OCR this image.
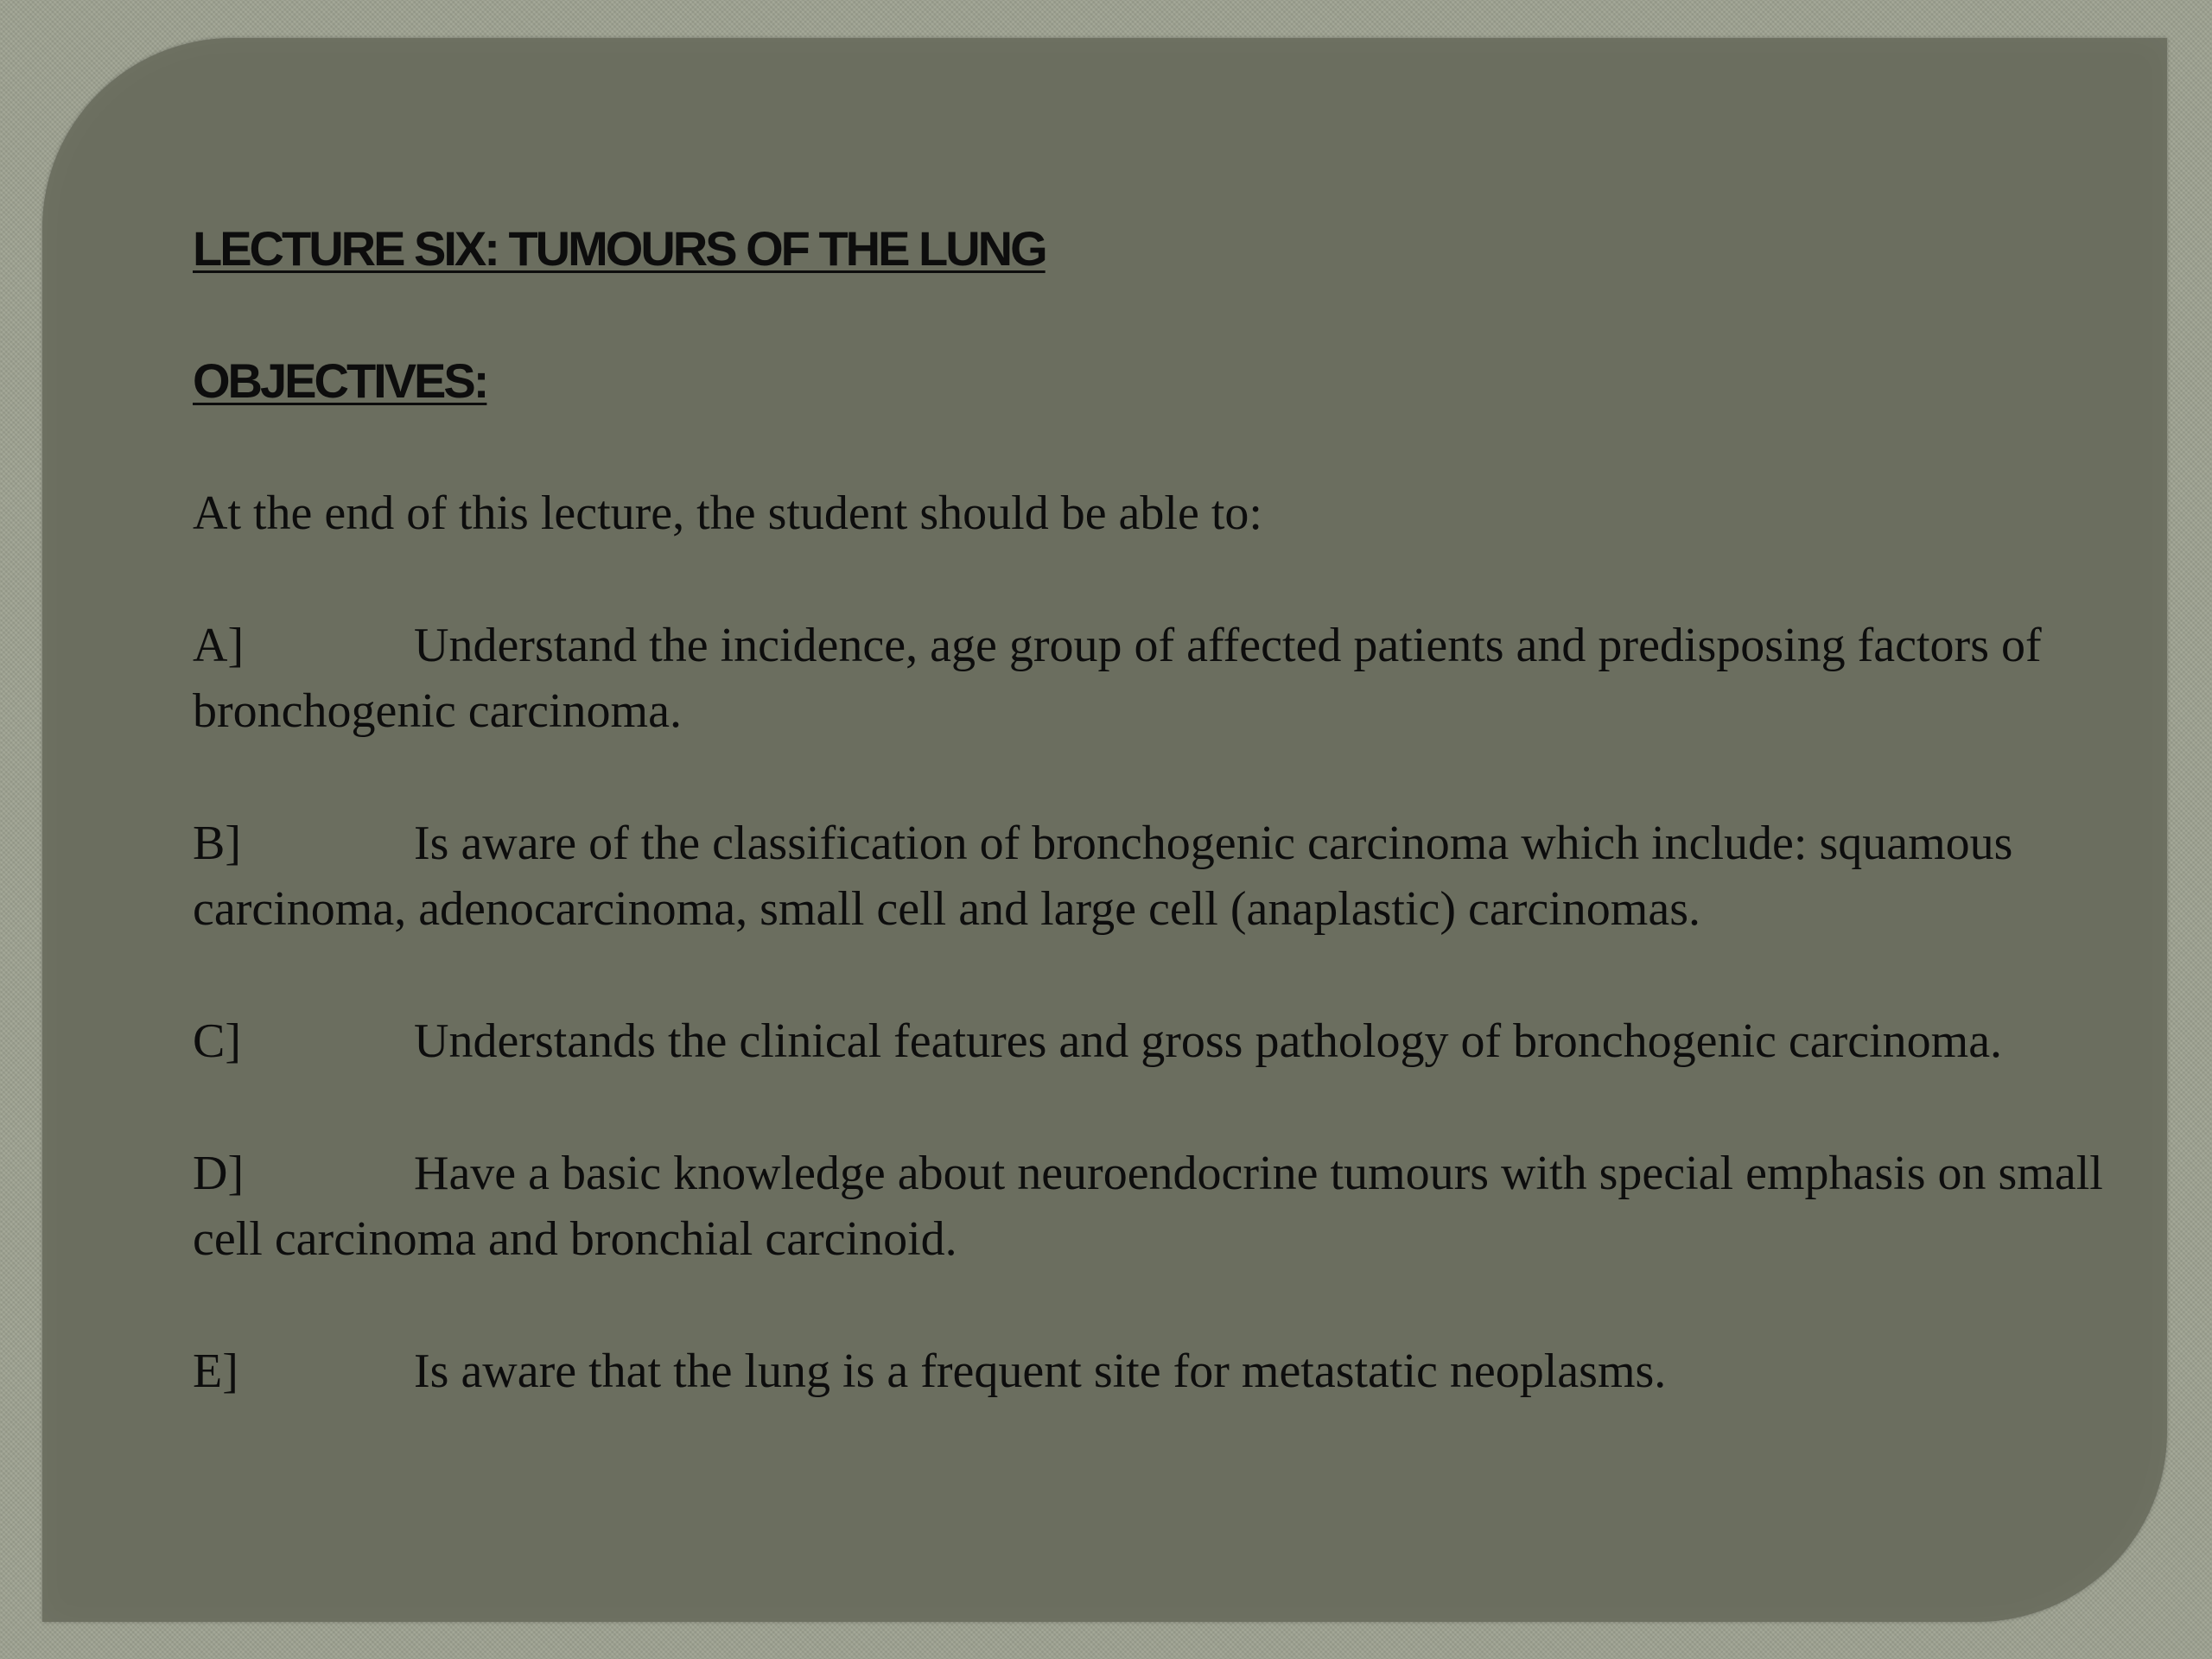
LECTURE SIX: TUMOURS OF THE LUNG

OBJECTIVES:

At the end of this lecture, the student should be able to:

A]	Understand the incidence, age group of affected patients and predisposing factors of bronchogenic carcinoma.

B]	Is aware of the classification of bronchogenic carcinoma which include: squamous carcinoma, adenocarcinoma, small cell and large cell (anaplastic) carcinomas.

C]	Understands the clinical features and gross pathology of bronchogenic carcinoma.

D]	Have a basic knowledge about neuroendocrine tumours with special emphasis on small cell carcinoma and bronchial carcinoid.

E]	Is aware that the lung is a frequent site for metastatic neoplasms.
